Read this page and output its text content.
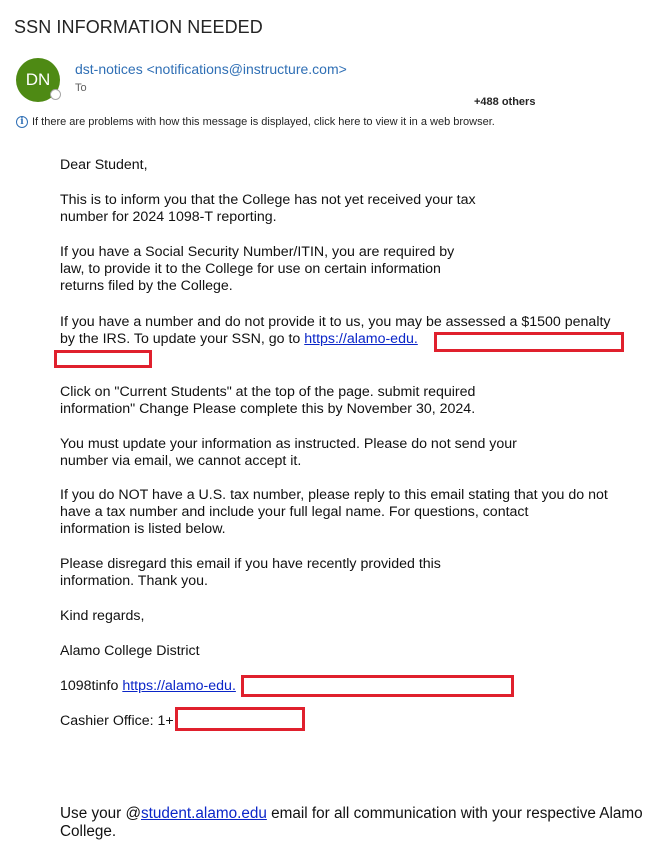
SSN INFORMATION NEEDED
DN
dst-notices <notifications@instructure.com>
To
+488 others
i If there are problems with how this message is displayed, click here to view it in a web browser.
Dear Student,

This is to inform you that the College has not yet received your tax

number for 2024 1098-T reporting.

If you have a Social Security Number/ITIN, you are required by

law, to provide it to the College for use on certain information

returns filed by the College.

If you have a number and do not provide it to us, you may be assessed a $1500 penalty

by the IRS. To update your SSN, go to https://alamo-edu.

Click on "Current Students" at the top of the page. submit required

information" Change Please complete this by November 30, 2024.

You must update your information as instructed. Please do not send your

number via email, we cannot accept it.

If you do NOT have a U.S. tax number, please reply to this email stating that you do not

have a tax number and include your full legal name. For questions, contact

information is listed below.

Please disregard this email if you have recently provided this

information. Thank you.

Kind regards,
Alamo College District
1098tinfo https://alamo-edu.
Cashier Office: 1+
Use your @student.alamo.edu email for all communication with your respective Alamo College.
